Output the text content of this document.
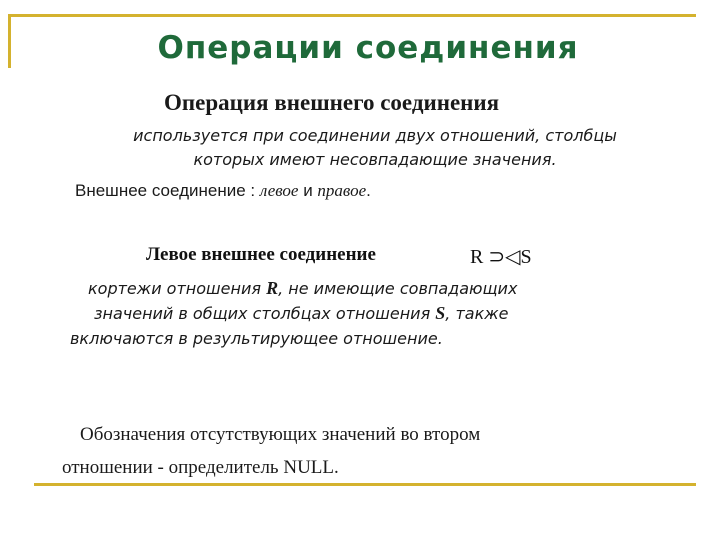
Операции соединения
Операция внешнего соединения
используется при соединении двух отношений, столбцы
которых имеют несовпадающие значения.
Внешнее соединение : левое и правое.
Левое внешнее соединение	R ⊃◁S
кортежи отношения R, не имеющие совпадающих
значений в общих столбцах отношения S, также
включаются в результирующее отношение.
Обозначения отсутствующих значений во втором
отношении - определитель NULL.
